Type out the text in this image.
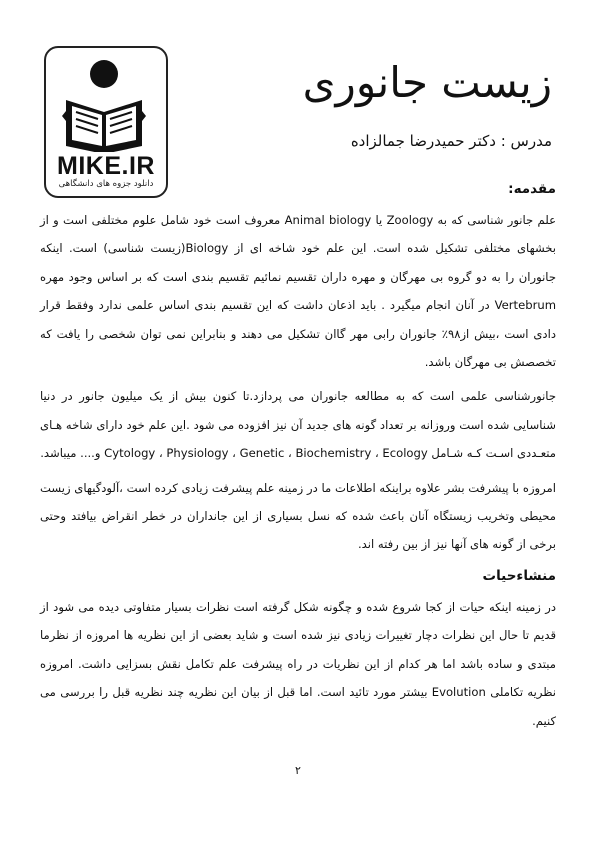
MIKE.IR
دانلود جزوه های دانشگاهی
زیست جانوری
مدرس : دکتر حمیدرضا جمالزاده
مقدمه:

علم جانور شناسی که به Zoology یا Animal biology معروف است خود شامل علوم مختلفی است و از بخشهای مختلفی تشکیل شده است. این علم خود شاخه ای از Biology(زیست شناسی) است. اینکه جانوران را به دو گروه بی مهرگان و مهره داران تقسیم نمائیم تقسیم بندی است که بر اساس وجود مهره Vertebrum در آنان انجام میگیرد . باید اذعان داشت که این تقسیم بندی اساس علمی ندارد وفقط قرار دادی است ،بیش از۹۸٪ جانوران رابی مهر گاان تشکیل می دهند و بنابراین نمی توان شخصی را یافت که تخصصش بی مهرگان باشد.

جانورشناسی علمی است که به مطالعه جانوران می پردازد.تا کنون بیش از یک میلیون جانور در دنیا شناسایی شده است وروزانه بر تعداد گونه های جدید آن نیز افزوده می شود .این علم خود دارای شاخه هـای متعـددی اسـت کـه شـامل Cytology ، Physiology ، Genetic ، Biochemistry ، Ecology و.... میباشد.

امروزه با پیشرفت بشر علاوه براینکه اطلاعات ما در زمینه علم پیشرفت زیادی کرده است ،آلودگیهای زیست محیطی وتخریب زیستگاه آنان باعث شده که نسل بسیاری از این جانداران در خطر انقراض بیافتد وحتی برخی از گونه های آنها نیز از بین رفته اند.

منشاءحیات

در زمینه اینکه حیات از کجا شروع شده و چگونه شکل گرفته است نظرات بسیار متفاوتی دیده می شود از قدیم تا حال این نظرات دچار تغییرات زیادی نیز شده است و شاید بعضی از این نظریه ها امروزه از نظرما مبتدی و ساده باشد اما هر کدام از این نظریات در راه پیشرفت علم تکامل نقش بسزایی داشت. امروزه نظریه تکاملی Evolution بیشتر مورد تائید است. اما قبل از بیان این نظریه چند نظریه قبل را بررسی می کنیم.

۲
